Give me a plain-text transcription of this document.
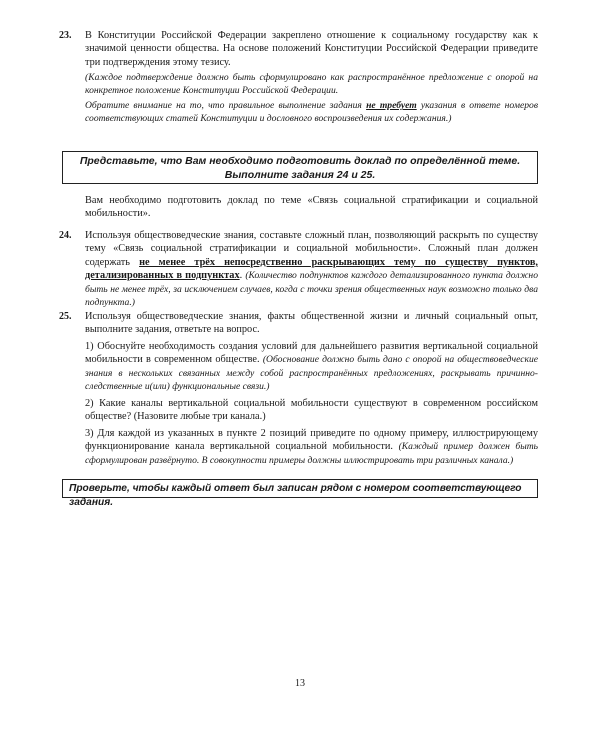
23.	В Конституции Российской Федерации закреплено отношение к социальному государству как к значимой ценности общества. На основе положений Конституции Российской Федерации приведите три подтверждения этому тезису.

(Каждое подтверждение должно быть сформулировано как распространённое предложение с опорой на конкретное положение Конституции Российской Федерации.

Обратите внимание на то, что правильное выполнение задания не требует указания в ответе номеров соответствующих статей Конституции и дословного воспроизведения их содержания.)

Представьте, что Вам необходимо подготовить доклад по определённой теме.
Выполните задания 24 и 25.

Вам необходимо подготовить доклад по теме «Связь социальной стратификации и социальной мобильности».

24.	Используя обществоведческие знания, составьте сложный план, позволяющий раскрыть по существу тему «Связь социальной стратификации и социальной мобильности». Сложный план должен содержать не менее трёх непосредственно раскрывающих тему по существу пунктов, детализированных в подпунктах. (Количество подпунктов каждого детализированного пункта должно быть не менее трёх, за исключением случаев, когда с точки зрения общественных наук возможно только два подпункта.)

25.	Используя обществоведческие знания, факты общественной жизни и личный социальный опыт, выполните задания, ответьте на вопрос.

1) Обоснуйте необходимость создания условий для дальнейшего развития вертикальной социальной мобильности в современном обществе. (Обоснование должно быть дано с опорой на обществоведческие знания в нескольких связанных между собой распространённых предложениях, раскрывать причинно-следственные и(или) функциональные связи.)

2) Какие каналы вертикальной социальной мобильности существуют в современном российском обществе? (Назовите любые три канала.)

3) Для каждой из указанных в пункте 2 позиций приведите по одному примеру, иллюстрирующему функционирование канала вертикальной социальной мобильности. (Каждый пример должен быть сформулирован развёрнуто. В совокупности примеры должны иллюстрировать три различных канала.)

Проверьте, чтобы каждый ответ был записан рядом с номером соответствующего задания.
13
